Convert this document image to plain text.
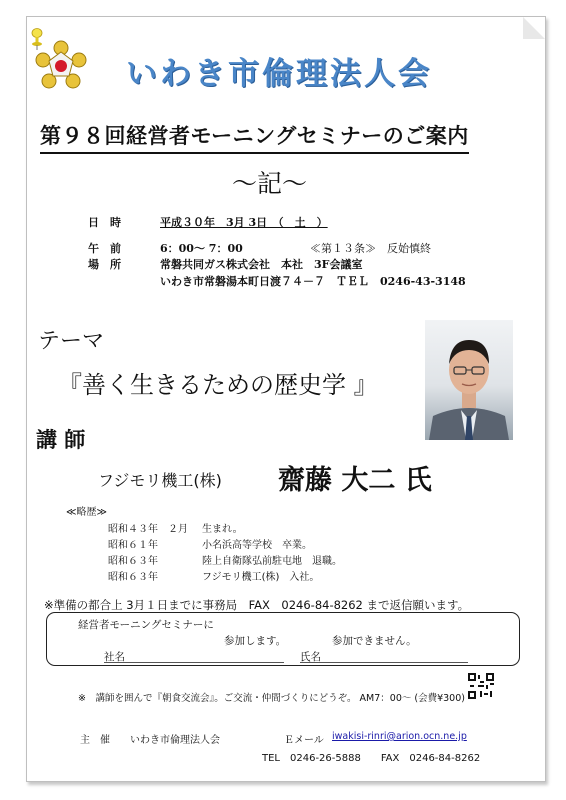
いわき市倫理法人会
第９８回経営者モーニングセミナーのご案内
～記～
日　時	平成３０年　3月 3日　（　土　）
午　前	6：00～ 7：00	≪第１３条≫　反始慎終
場　所	常磐共同ガス株式会社　本社　3F会議室
いわき市常磐湯本町日渡７４－７　ＴＥＬ　0246-43-3148
テーマ
『善く生きるための歴史学 』
講 師
フジモリ機工(株) 齋藤 大二 氏
≪略歴≫
昭和４３年　２月 生まれ。
昭和６１年	小名浜高等学校　卒業。
昭和６３年	陸上自衛隊弘前駐屯地　退職。
昭和６３年	フジモリ機工(株)　入社。
※準備の都合上 3月１日までに事務局　FAX　0246-84-8262 まで返信願います。
経営者モーニングセミナーに
参加します。	参加できません。
社名	氏名
※　講師を囲んで『朝食交流会』。ご交流・仲間づくりにどうぞ。 AM7：00～ (会費¥300)
主　催 いわき市倫理法人会	Ｅメール iwakisi-rinri@arion.ocn.ne.jp
TEL　0246-26-5888　　FAX　0246-84-8262
